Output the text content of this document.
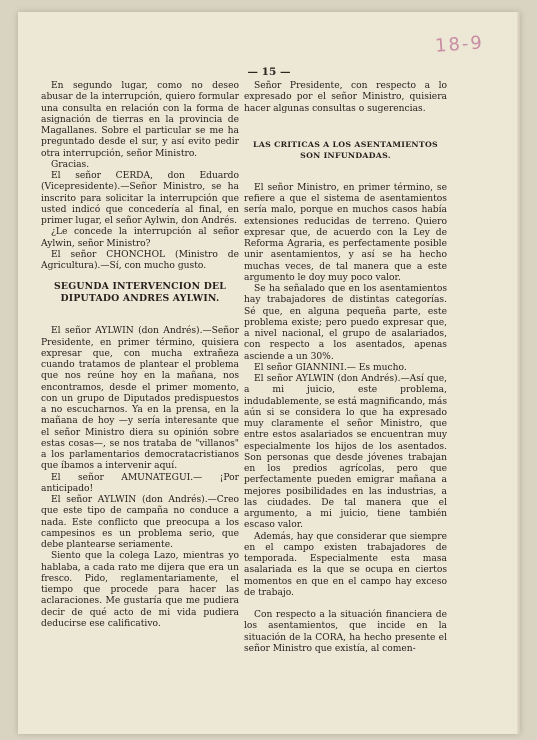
18-9
— 15 —

En segundo lugar, como no deseo abusar de la interrupción, quiero formular una consulta en relación con la forma de asignación de tierras en la provincia de Magallanes. Sobre el particular se me ha preguntado desde el sur, y así evito pedir otra interrupción, señor Ministro.

Gracias.

El señor CERDA, don Eduardo (Vicepresidente).—Señor Ministro, se ha inscrito para solicitar la interrupción que usted indicó que concedería al final, en primer lugar, el señor Aylwin, don Andrés.

¿Le concede la interrupción al señor Aylwin, señor Ministro?

El señor CHONCHOL (Ministro de Agricultura).—Sí, con mucho gusto.

SEGUNDA INTERVENCION DEL DIPUTADO ANDRES AYLWIN.

El señor AYLWIN (don Andrés).—Señor Presidente, en primer término, quisiera expresar que, con mucha extrañeza cuando tratamos de plantear el problema que nos reúne hoy en la mañana, nos encontramos, desde el primer momento, con un grupo de Diputados predispuestos a no escucharnos. Ya en la prensa, en la mañana de hoy —y sería interesante que el señor Ministro diera su opinión sobre estas cosas—, se nos trataba de "villanos" a los parlamentarios democratacristianos que íbamos a intervenir aquí.

El señor AMUNATEGUI.— ¡Por anticipado!

El señor AYLWIN (don Andrés).—Creo que este tipo de campaña no conduce a nada. Este conflicto que preocupa a los campesinos es un problema serio, que debe plantearse seriamente.

Siento que la colega Lazo, mientras yo hablaba, a cada rato me dijera que era un fresco. Pido, reglamentariamente, el tiempo que procede para hacer las aclaraciones. Me gustaría que me pudiera decir de qué acto de mi vida pudiera deducirse ese calificativo.

Señor Presidente, con respecto a lo expresado por el señor Ministro, quisiera hacer algunas consultas o sugerencias.

LAS CRITICAS A LOS ASENTAMIENTOS SON INFUNDADAS.

El señor Ministro, en primer término, se refiere a que el sistema de asentamientos sería malo, porque en muchos casos había extensiones reducidas de terreno. Quiero expresar que, de acuerdo con la Ley de Reforma Agraria, es perfectamente posible unir asentamientos, y así se ha hecho muchas veces, de tal manera que a este argumento le doy muy poco valor.

Se ha señalado que en los asentamientos hay trabajadores de distintas categorías. Sé que, en alguna pequeña parte, este problema existe; pero puedo expresar que, a nivel nacional, el grupo de asalariados, con respecto a los asentados, apenas asciende a un 30%.

El señor GIANNINI.— Es mucho.

El señor AYLWIN (don Andrés).—Así que, a mi juicio, este problema, indudablemente, se está magnificando, más aún si se considera lo que ha expresado muy claramente el señor Ministro, que entre estos asalariados se encuentran muy especialmente los hijos de los asentados. Son personas que desde jóvenes trabajan en los predios agrícolas, pero que perfectamente pueden emigrar mañana a mejores posibilidades en las industrias, a las ciudades. De tal manera que el argumento, a mi juicio, tiene también escaso valor.

Además, hay que considerar que siempre en el campo existen trabajadores de temporada. Especialmente esta masa asalariada es la que se ocupa en ciertos momentos en que en el campo hay exceso de trabajo.

Con respecto a la situación financiera de los asentamientos, que incide en la situación de la CORA, ha hecho presente el señor Ministro que existía, al comen-
